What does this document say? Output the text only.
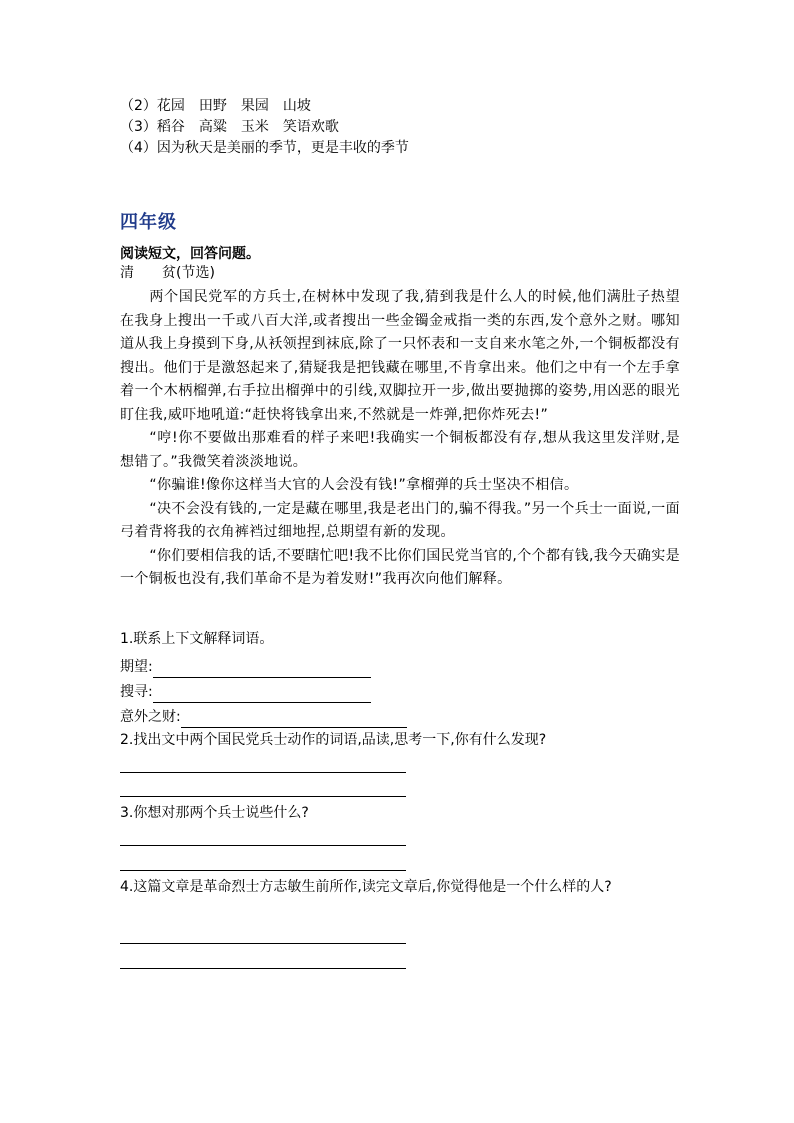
（2）花园　田野　果园　山坡
（3）稻谷　高粱　玉米　笑语欢歌
（4）因为秋天是美丽的季节，更是丰收的季节
四年级
阅读短文，回答问题。
清 贫(节选)

两个国民党军的方兵士,在树林中发现了我,猜到我是什么人的时候,他们满肚子热望在我身上搜出一千或八百大洋,或者搜出一些金镯金戒指一类的东西,发个意外之财。哪知道从我上身摸到下身,从袄领捏到袜底,除了一只怀表和一支自来水笔之外,一个铜板都没有搜出。他们于是激怒起来了,猜疑我是把钱藏在哪里,不肯拿出来。他们之中有一个左手拿着一个木柄榴弹,右手拉出榴弹中的引线,双脚拉开一步,做出要抛掷的姿势,用凶恶的眼光盯住我,威吓地吼道:“赶快将钱拿出来,不然就是一炸弹,把你炸死去!”

“哼!你不要做出那难看的样子来吧!我确实一个铜板都没有存,想从我这里发洋财,是想错了。”我微笑着淡淡地说。

“你骗谁!像你这样当大官的人会没有钱!”拿榴弹的兵士坚决不相信。

“决不会没有钱的,一定是藏在哪里,我是老出门的,骗不得我。”另一个兵士一面说,一面弓着背将我的衣角裤裆过细地捏,总期望有新的发现。

“你们要相信我的话,不要瞎忙吧!我不比你们国民党当官的,个个都有钱,我今天确实是一个铜板也没有,我们革命不是为着发财!”我再次向他们解释。

1.联系上下文解释词语。
期望:
搜寻:
意外之财:
2.找出文中两个国民党兵士动作的词语,品读,思考一下,你有什么发现?
3.你想对那两个兵士说些什么?
4.这篇文章是革命烈士方志敏生前所作,读完文章后,你觉得他是一个什么样的人?
